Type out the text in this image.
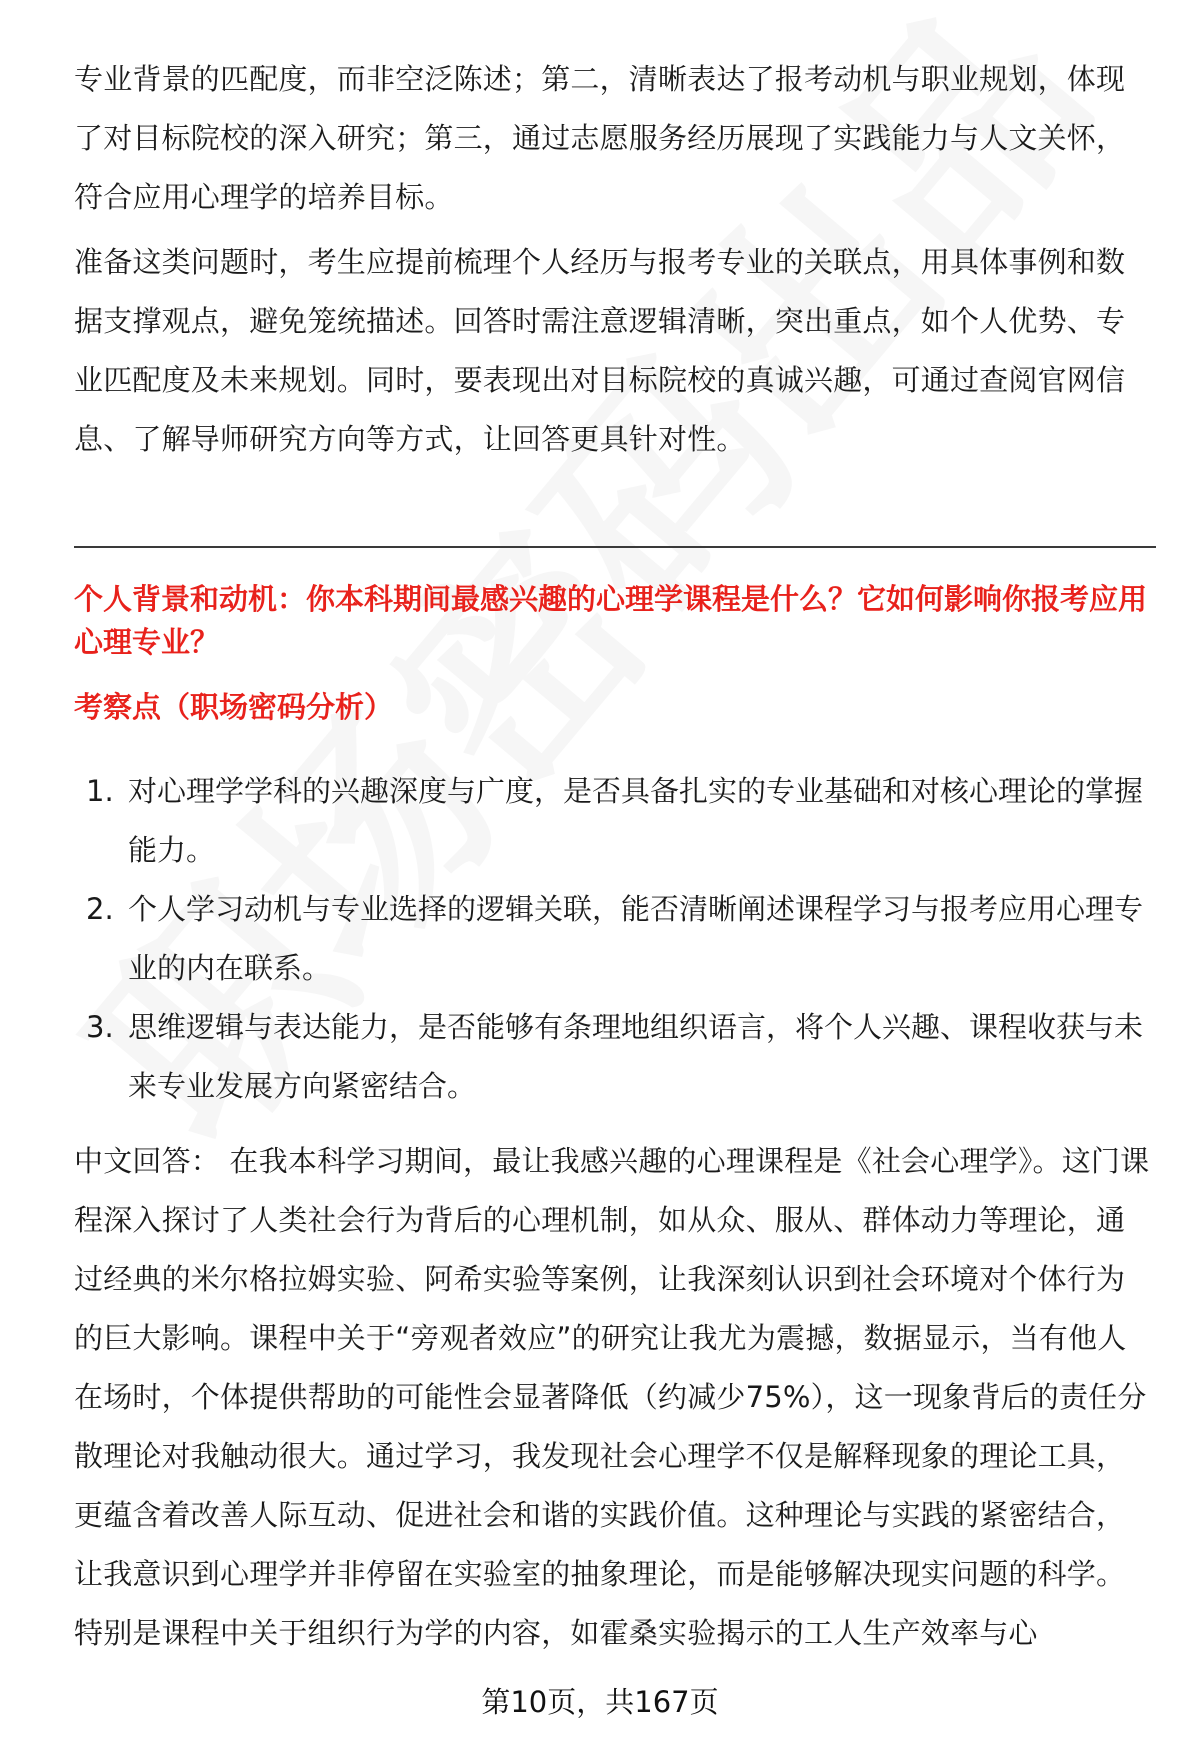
专业背景的匹配度，而非空泛陈述；第二，清晰表达了报考动机与职业规划，体现了对目标院校的深入研究；第三，通过志愿服务经历展现了实践能力与人文关怀，符合应用心理学的培养目标。

准备这类问题时，考生应提前梳理个人经历与报考专业的关联点，用具体事例和数据支撑观点，避免笼统描述。回答时需注意逻辑清晰，突出重点，如个人优势、专业匹配度及未来规划。同时，要表现出对目标院校的真诚兴趣，可通过查阅官网信息、了解导师研究方向等方式，让回答更具针对性。

个人背景和动机：你本科期间最感兴趣的心理学课程是什么？它如何影响你报考应用心理专业？
考察点（职场密码分析）
1. 对心理学学科的兴趣深度与广度，是否具备扎实的专业基础和对核心理论的掌握能力。
2. 个人学习动机与专业选择的逻辑关联，能否清晰阐述课程学习与报考应用心理专业的内在联系。
3. 思维逻辑与表达能力，是否能够有条理地组织语言，将个人兴趣、课程收获与未来专业发展方向紧密结合。

中文回答： 在我本科学习期间，最让我感兴趣的心理课程是《社会心理学》。这门课程深入探讨了人类社会行为背后的心理机制，如从众、服从、群体动力等理论，通过经典的米尔格拉姆实验、阿希实验等案例，让我深刻认识到社会环境对个体行为的巨大影响。课程中关于“旁观者效应”的研究让我尤为震撼，数据显示，当有他人在场时，个体提供帮助的可能性会显著降低（约减少75%），这一现象背后的责任分散理论对我触动很大。通过学习，我发现社会心理学不仅是解释现象的理论工具，更蕴含着改善人际互动、促进社会和谐的实践价值。这种理论与实践的紧密结合，让我意识到心理学并非停留在实验室的抽象理论，而是能够解决现实问题的科学。特别是课程中关于组织行为学的内容，如霍桑实验揭示的工人生产效率与心

第10页，共167页
